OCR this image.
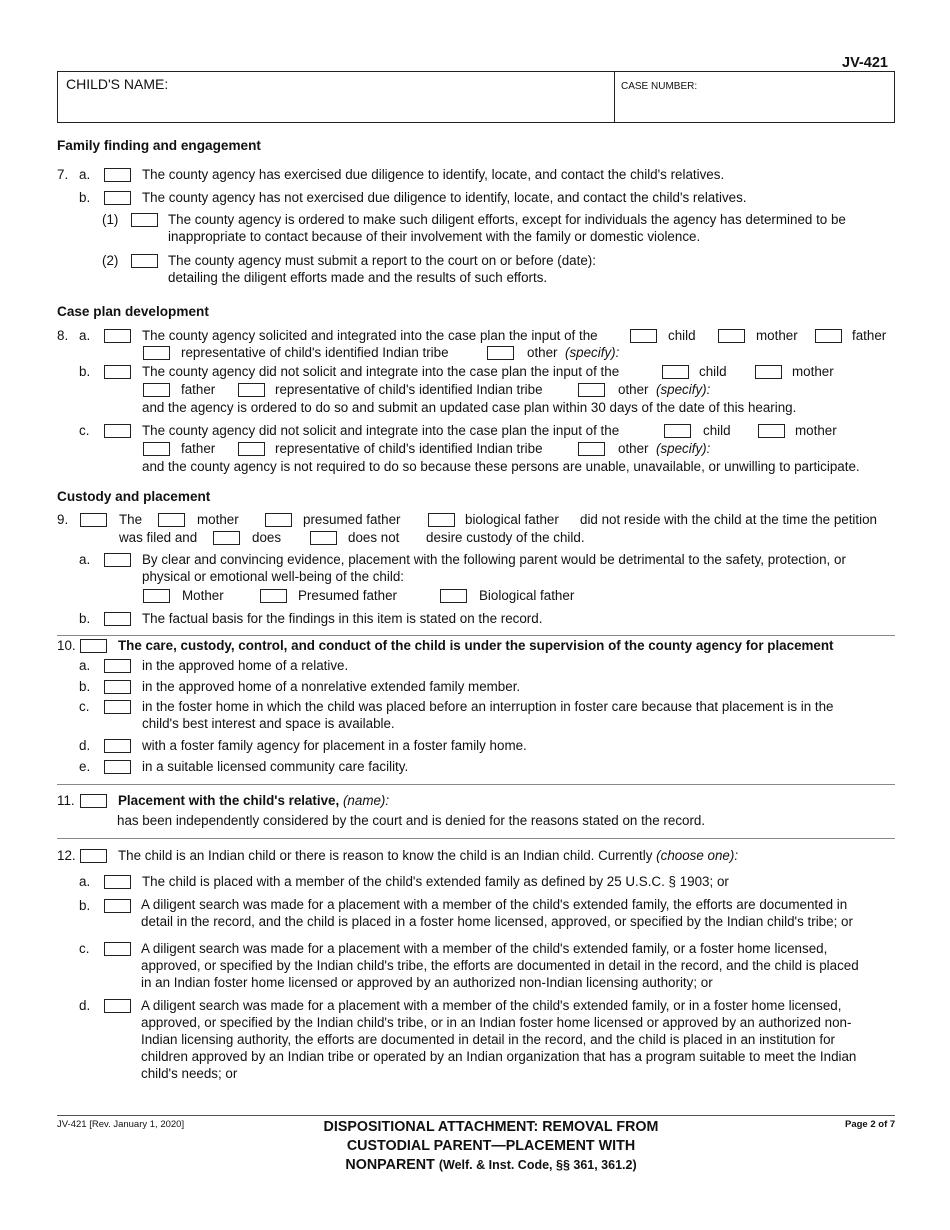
JV-421
CHILD'S NAME:	CASE NUMBER:
Family finding and engagement
7. a.	The county agency has exercised due diligence to identify, locate, and contact the child's relatives.
b.	The county agency has not exercised due diligence to identify, locate, and contact the child's relatives.
(1)	The county agency is ordered to make such diligent efforts, except for individuals the agency has determined to be
inappropriate to contact because of their involvement with the family or domestic violence.
(2)	The county agency must submit a report to the court on or before (date):
detailing the diligent efforts made and the results of such efforts.
Case plan development
8. a.	The county agency solicited and integrated into the case plan the input of the	child	mother	father
representative of child's identified Indian tribe	other (specify):
b.	The county agency did not solicit and integrate into the case plan the input of the	child	mother
father	representative of child's identified Indian tribe	other (specify):
and the agency is ordered to do so and submit an updated case plan within 30 days of the date of this hearing.
c.	The county agency did not solicit and integrate into the case plan the input of the	child	mother
father	representative of child's identified Indian tribe	other (specify):
and the county agency is not required to do so because these persons are unable, unavailable, or unwilling to participate.
Custody and placement
9.	The	mother	presumed father	biological father did not reside with the child at the time the petition
was filed and	does	does not desire custody of the child.
a.	By clear and convincing evidence, placement with the following parent would be detrimental to the safety, protection, or
physical or emotional well-being of the child:
Mother	Presumed father	Biological father
b.	The factual basis for the findings in this item is stated on the record.
10.	The care, custody, control, and conduct of the child is under the supervision of the county agency for placement
a.	in the approved home of a relative.
b.	in the approved home of a nonrelative extended family member.
c.	in the foster home in which the child was placed before an interruption in foster care because that placement is in the
child's best interest and space is available.
d.	with a foster family agency for placement in a foster family home.
e.	in a suitable licensed community care facility.
11.	Placement with the child's relative, (name):
has been independently considered by the court and is denied for the reasons stated on the record.
12.	The child is an Indian child or there is reason to know the child is an Indian child. Currently (choose one):
a.	The child is placed with a member of the child's extended family as defined by 25 U.S.C. § 1903; or
b.	A diligent search was made for a placement with a member of the child's extended family, the efforts are documented in
detail in the record, and the child is placed in a foster home licensed, approved, or specified by the Indian child's tribe; or
c.	A diligent search was made for a placement with a member of the child's extended family, or a foster home licensed,
approved, or specified by the Indian child's tribe, the efforts are documented in detail in the record, and the child is placed
in an Indian foster home licensed or approved by an authorized non-Indian licensing authority; or
d.	A diligent search was made for a placement with a member of the child's extended family, or in a foster home licensed,
approved, or specified by the Indian child's tribe, or in an Indian foster home licensed or approved by an authorized non-
Indian licensing authority, the efforts are documented in detail in the record, and the child is placed in an institution for
children approved by an Indian tribe or operated by an Indian organization that has a program suitable to meet the Indian
child's needs; or
JV-421 [Rev. January 1, 2020]	DISPOSITIONAL ATTACHMENT: REMOVAL FROM
CUSTODIAL PARENT—PLACEMENT WITH
NONPARENT (Welf. & Inst. Code, §§ 361, 361.2)
Page 2 of 7
